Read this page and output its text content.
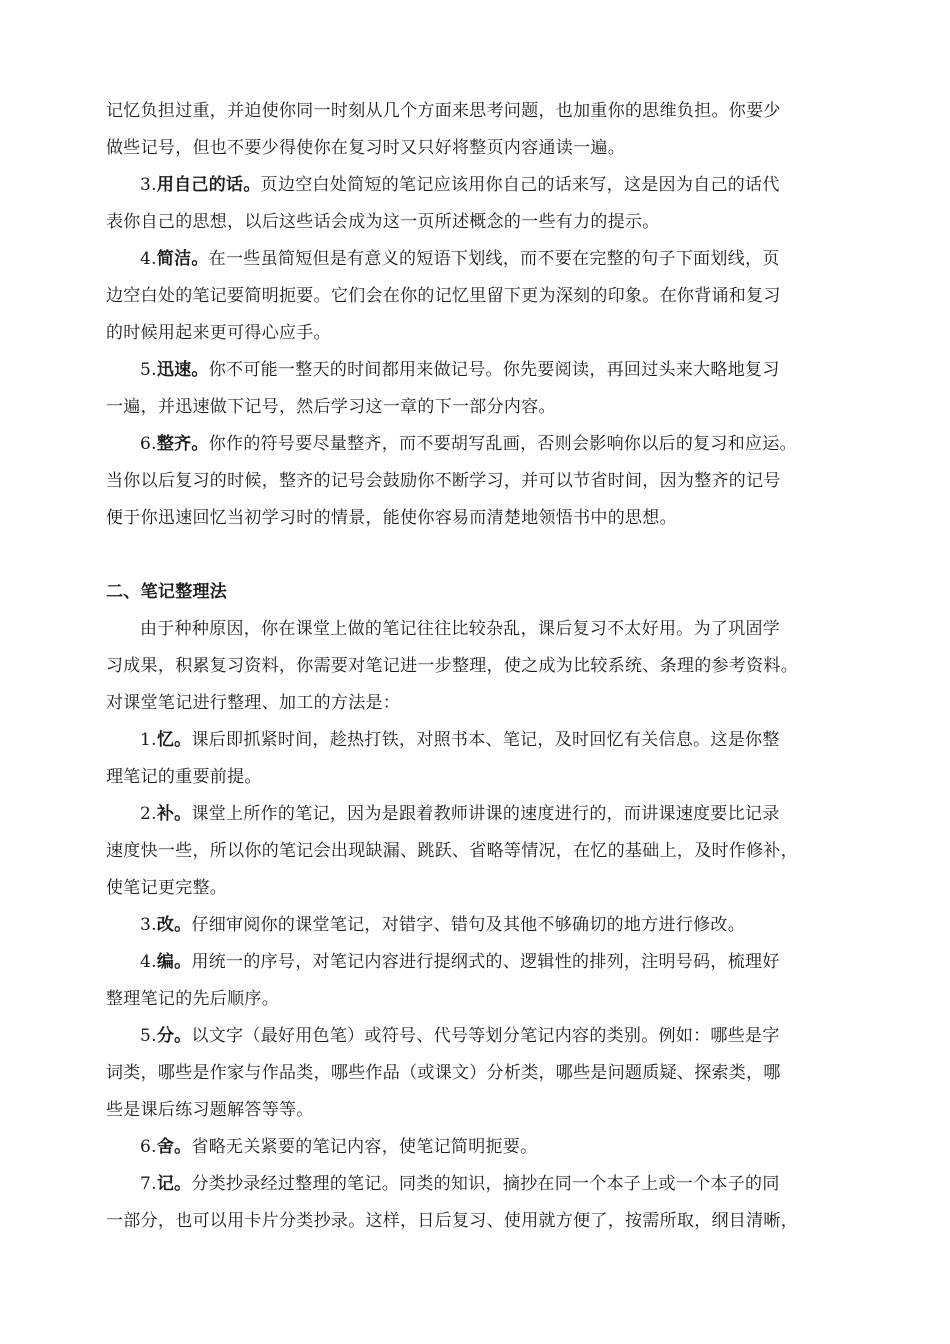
记忆负担过重，并迫使你同一时刻从几个方面来思考问题，也加重你的思维负担。你要少
做些记号，但也不要少得使你在复习时又只好将整页内容通读一遍。
3.用自己的话。页边空白处简短的笔记应该用你自己的话来写，这是因为自己的话代
表你自己的思想，以后这些话会成为这一页所述概念的一些有力的提示。
4.简洁。在一些虽简短但是有意义的短语下划线，而不要在完整的句子下面划线，页
边空白处的笔记要简明扼要。它们会在你的记忆里留下更为深刻的印象。在你背诵和复习
的时候用起来更可得心应手。
5.迅速。你不可能一整天的时间都用来做记号。你先要阅读，再回过头来大略地复习
一遍，并迅速做下记号，然后学习这一章的下一部分内容。
6.整齐。你作的符号要尽量整齐，而不要胡写乱画，否则会影响你以后的复习和应运。
当你以后复习的时候，整齐的记号会鼓励你不断学习，并可以节省时间，因为整齐的记号
便于你迅速回忆当初学习时的情景，能使你容易而清楚地领悟书中的思想。
二、笔记整理法
由于种种原因，你在课堂上做的笔记往往比较杂乱，课后复习不太好用。为了巩固学
习成果，积累复习资料，你需要对笔记进一步整理，使之成为比较系统、条理的参考资料。
对课堂笔记进行整理、加工的方法是：
1.忆。课后即抓紧时间，趁热打铁，对照书本、笔记，及时回忆有关信息。这是你整
理笔记的重要前提。
2.补。课堂上所作的笔记，因为是跟着教师讲课的速度进行的，而讲课速度要比记录
速度快一些，所以你的笔记会出现缺漏、跳跃、省略等情况，在忆的基础上，及时作修补，
使笔记更完整。
3.改。仔细审阅你的课堂笔记，对错字、错句及其他不够确切的地方进行修改。
4.编。用统一的序号，对笔记内容进行提纲式的、逻辑性的排列，注明号码，梳理好
整理笔记的先后顺序。
5.分。以文字（最好用色笔）或符号、代号等划分笔记内容的类别。例如：哪些是字
词类，哪些是作家与作品类，哪些作品（或课文）分析类，哪些是问题质疑、探索类，哪
些是课后练习题解答等等。
6.舍。省略无关紧要的笔记内容，使笔记简明扼要。
7.记。分类抄录经过整理的笔记。同类的知识，摘抄在同一个本子上或一个本子的同
一部分，也可以用卡片分类抄录。这样，日后复习、使用就方便了，按需所取，纲目清晰，
